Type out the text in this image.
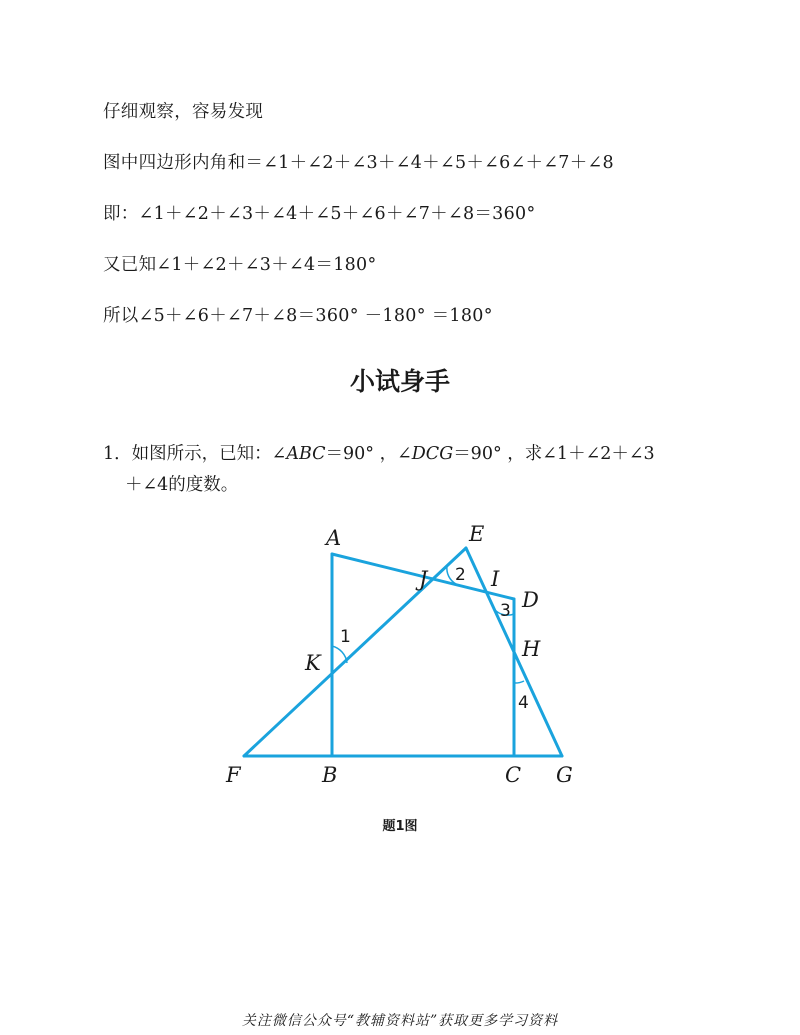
仔细观察，容易发现
图中四边形内角和＝∠1＋∠2＋∠3＋∠4＋∠5＋∠6∠＋∠7＋∠8
即：∠1＋∠2＋∠3＋∠4＋∠5＋∠6＋∠7＋∠8＝360°
又已知∠1＋∠2＋∠3＋∠4＝180°
所以∠5＋∠6＋∠7＋∠8＝360° －180° ＝180°
小试身手
1．如图所示，已知：∠ABC＝90° ，∠DCG＝90° ，求∠1＋∠2＋∠3
＋∠4的度数。
A	E
J	I
D
H
K
F	B	C G
1
2
3
4
题1图
关注微信公众号“教辅资料站”获取更多学习资料
